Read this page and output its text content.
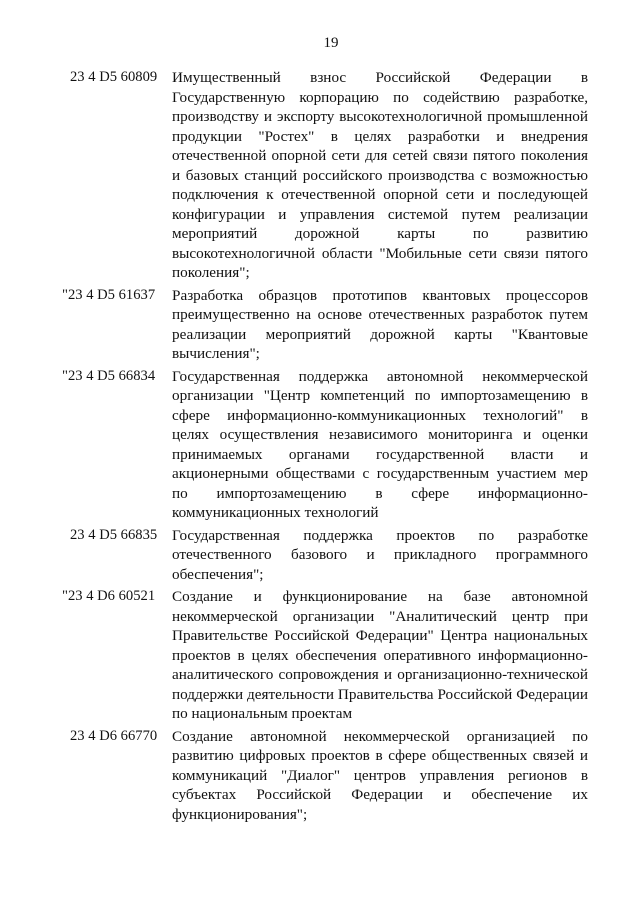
19
23 4 D5 60809 Имущественный взнос Российской Федерации в Государственную корпорацию по содействию разработке, производству и экспорту высокотехнологичной промышленной продукции "Ростех" в целях разработки и внедрения отечественной опорной сети для сетей связи пятого поколения и базовых станций российского производства с возможностью подключения к отечественной опорной сети и последующей конфигурации и управления системой путем реализации мероприятий дорожной карты по развитию высокотехнологичной области "Мобильные сети связи пятого поколения";
"23 4 D5 61637	Разработка образцов прототипов квантовых процессоров преимущественно на основе отечественных разработок путем реализации мероприятий дорожной карты "Квантовые вычисления";
"23 4 D5 66834	Государственная поддержка автономной некоммерческой организации "Центр компетенций по импортозамещению в сфере информационно-коммуникационных технологий" в целях осуществления независимого мониторинга и оценки принимаемых органами государственной власти и акционерными обществами с государственным участием мер по импортозамещению в сфере информационно-коммуникационных технологий
23 4 D5 66835 Государственная поддержка проектов по разработке отечественного базового и прикладного программного обеспечения";
"23 4 D6 60521	Создание и функционирование на базе автономной некоммерческой организации "Аналитический центр при Правительстве Российской Федерации" Центра национальных проектов в целях обеспечения оперативного информационно-аналитического сопровождения и организационно-технической поддержки деятельности Правительства Российской Федерации по национальным проектам
23 4 D6 66770 Создание автономной некоммерческой организацией по развитию цифровых проектов в сфере общественных связей и коммуникаций "Диалог" центров управления регионов в субъектах Российской Федерации и обеспечение их функционирования";
